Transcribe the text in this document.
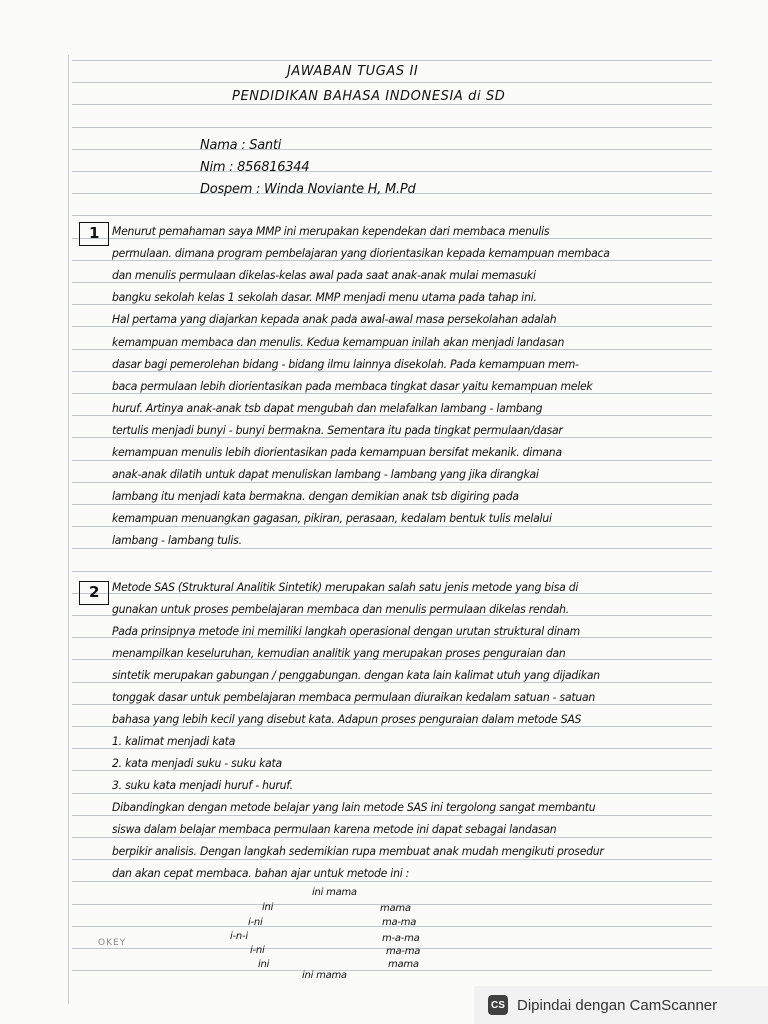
JAWABAN TUGAS II
PENDIDIKAN BAHASA INDONESIA di SD
Nama : Santi
Nim : 856816344
Dospem : Winda Noviante H, M.Pd
1 Menurut pemahaman saya MMP ini merupakan kependekan dari membaca menulis
permulaan. dimana program pembelajaran yang diorientasikan kepada kemampuan membaca
dan menulis permulaan dikelas-kelas awal pada saat anak-anak mulai memasuki
bangku sekolah kelas 1 sekolah dasar. MMP menjadi menu utama pada tahap ini.
Hal pertama yang diajarkan kepada anak pada awal-awal masa persekolahan adalah
kemampuan membaca dan menulis. Kedua kemampuan inilah akan menjadi landasan
dasar bagi pemerolehan bidang - bidang ilmu lainnya disekolah. Pada kemampuan mem-
baca permulaan lebih diorientasikan pada membaca tingkat dasar yaitu kemampuan melek
huruf. Artinya anak-anak tsb dapat mengubah dan melafalkan lambang - lambang
tertulis menjadi bunyi - bunyi bermakna. Sementara itu pada tingkat permulaan/dasar
kemampuan menulis lebih diorientasikan pada kemampuan bersifat mekanik. dimana
anak-anak dilatih untuk dapat menuliskan lambang - lambang yang jika dirangkai
lambang itu menjadi kata bermakna. dengan demikian anak tsb digiring pada
kemampuan menuangkan gagasan, pikiran, perasaan, kedalam bentuk tulis melalui
lambang - lambang tulis.
2 Metode SAS (Struktural Analitik Sintetik) merupakan salah satu jenis metode yang bisa di
gunakan untuk proses pembelajaran membaca dan menulis permulaan dikelas rendah.
Pada prinsipnya metode ini memiliki langkah operasional dengan urutan struktural dinam
menampilkan keseluruhan, kemudian analitik yang merupakan proses penguraian dan
sintetik merupakan gabungan / penggabungan. dengan kata lain kalimat utuh yang dijadikan
tonggak dasar untuk pembelajaran membaca permulaan diuraikan kedalam satuan - satuan
bahasa yang lebih kecil yang disebut kata. Adapun proses penguraian dalam metode SAS
1. kalimat menjadi kata
2. kata menjadi suku - suku kata
3. suku kata menjadi huruf - huruf.
Dibandingkan dengan metode belajar yang lain metode SAS ini tergolong sangat membantu
siswa dalam belajar membaca permulaan karena metode ini dapat sebagai landasan
berpikir analisis. Dengan langkah sedemikian rupa membuat anak mudah mengikuti prosedur
dan akan cepat membaca. bahan ajar untuk metode ini :
ini mama
ini	mama
i-ni	ma-ma
i-n-i	m-a-ma
i-ni	ma-ma
ini	mama
ini mama
OKEY
CS Dipindai dengan CamScanner
